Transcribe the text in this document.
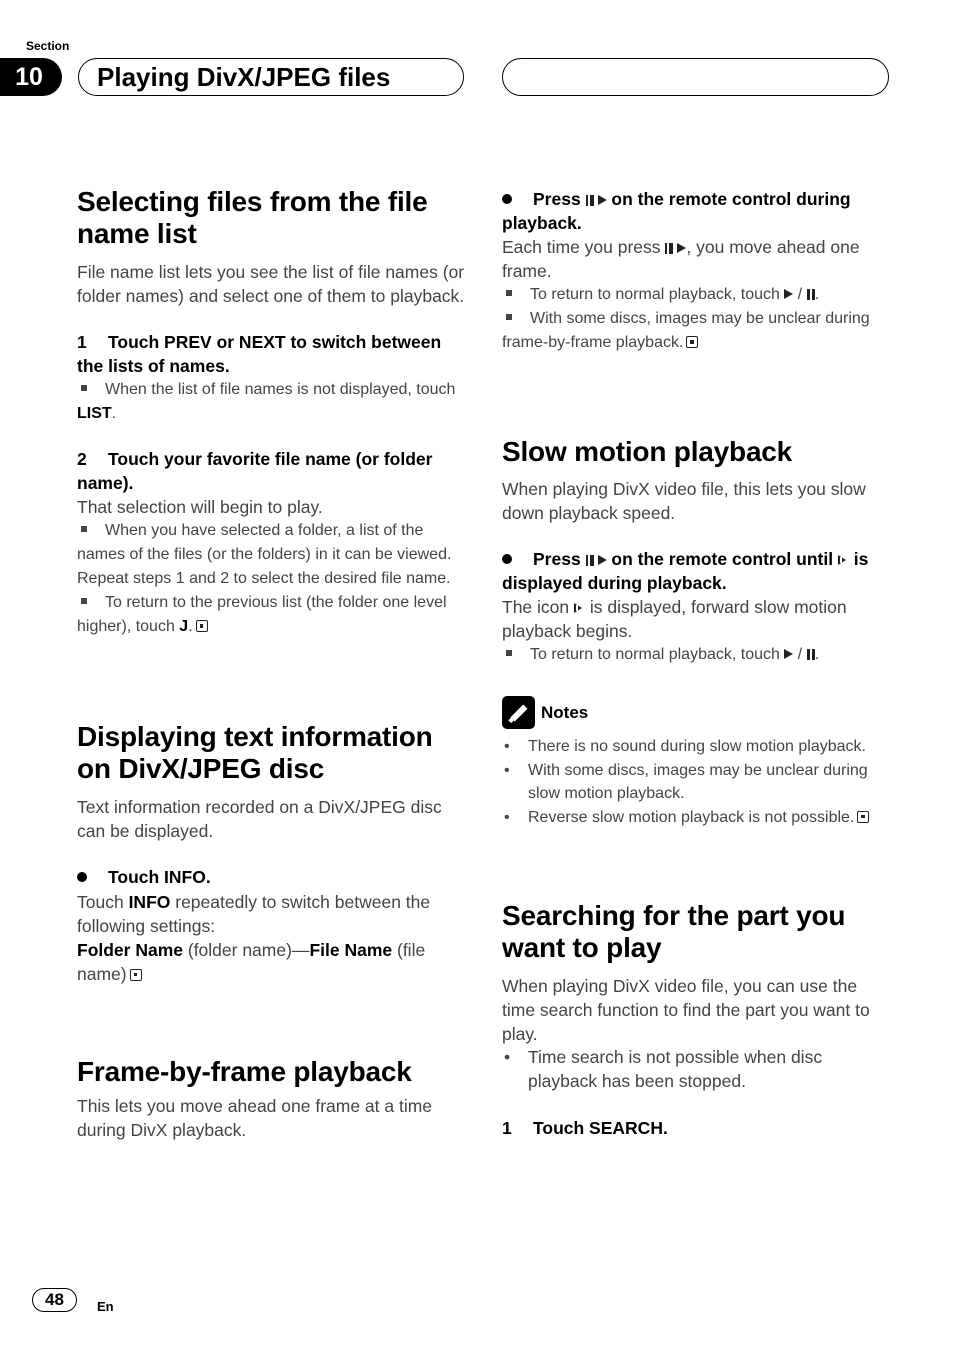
Section
10	Playing DivX/JPEG files
Selecting files from the file name list

File name list lets you see the list of file names (or folder names) and select one of them to playback.

1 Touch PREV or NEXT to switch between the lists of names.
When the list of file names is not displayed, touch LIST.
2 Touch your favorite file name (or folder name).

That selection will begin to play.

When you have selected a folder, a list of the names of the files (or the folders) in it can be viewed. Repeat steps 1 and 2 to select the desired file name.
To return to the previous list (the folder one level higher), touch J.
Displaying text information on DivX/JPEG disc

Text information recorded on a DivX/JPEG disc can be displayed.

Touch INFO.

Touch INFO repeatedly to switch between the following settings:

Folder Name (folder name)—File Name (file name)

Frame-by-frame playback

This lets you move ahead one frame at a time during DivX playback.

Press  on the remote control during playback.

Each time you press , you move ahead one frame.

To return to normal playback, touch  / .
With some discs, images may be unclear during frame-by-frame playback.
Slow motion playback

When playing DivX video file, this lets you slow down playback speed.

Press  on the remote control until  is displayed during playback.

The icon  is displayed, forward slow motion playback begins.

To return to normal playback, touch  / .
Notes
• There is no sound during slow motion playback.
• With some discs, images may be unclear during slow motion playback.
• Reverse slow motion playback is not possible.
Searching for the part you want to play

When playing DivX video file, you can use the time search function to find the part you want to play.

• Time search is not possible when disc playback has been stopped.
1 Touch SEARCH.
48	En
